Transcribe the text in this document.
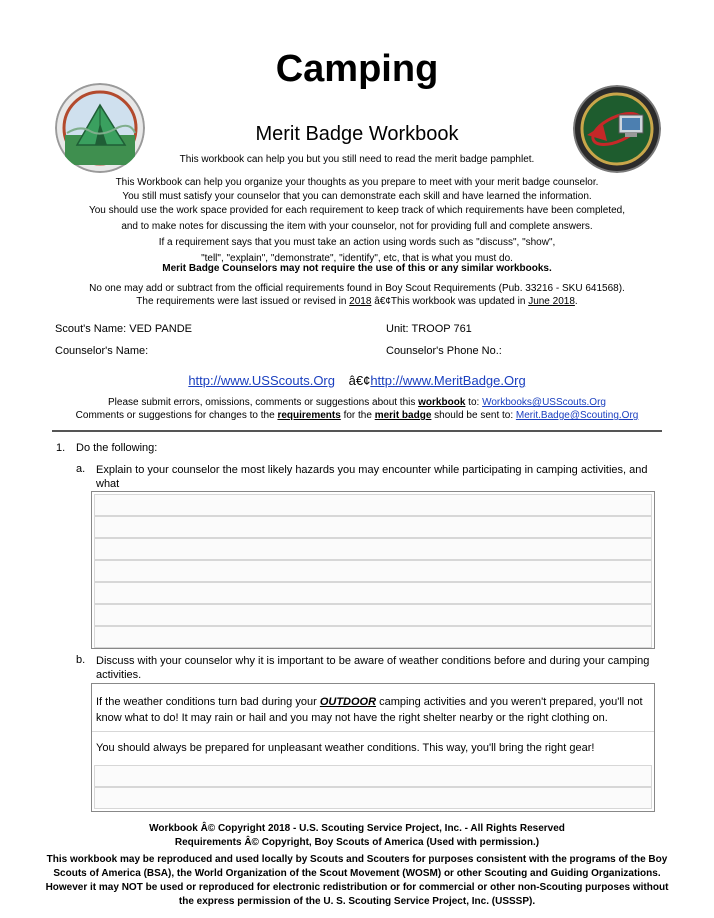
Camping
Merit Badge Workbook
This workbook can help you but you still need to read the merit badge pamphlet.
This Workbook can help you organize your thoughts as you prepare to meet with your merit badge counselor.
You still must satisfy your counselor that you can demonstrate each skill and have learned the information.
You should use the work space provided for each requirement to keep track of which requirements have been completed,
and to make notes for discussing the item with your counselor, not for providing full and complete answers.
If a requirement says that you must take an action using words such as "discuss", "show",
"tell", "explain", "demonstrate", "identify", etc, that is what you must do.
Merit Badge Counselors may not require the use of this or any similar workbooks.
No one may add or subtract from the official requirements found in Boy Scout Requirements (Pub. 33216 - SKU 641568).
The requirements were last issued or revised in 2018 â€¢This workbook was updated in June 2018.
Scout's Name: VED PANDE	Unit: TROOP 761
Counselor's Name:	Counselor's Phone No.:
http://www.USScouts.Org â€¢http://www.MeritBadge.Org
Please submit errors, omissions, comments or suggestions about this workbook to: Workbooks@USScouts.Org
Comments or suggestions for changes to the requirements for the merit badge should be sent to: Merit.Badge@Scouting.Org
1. Do the following:
a. Explain to your counselor the most likely hazards you may encounter while participating in camping activities, and what
b. Discuss with your counselor why it is important to be aware of weather conditions before and during your camping
activities.
If the weather conditions turn bad during your OUTDOOR camping activities and you weren't prepared, you'll not
know what to do! It may rain or hail and you may not have the right shelter nearby or the right clothing on.
You should always be prepared for unpleasant weather conditions. This way, you'll bring the right gear!
Workbook Â© Copyright 2018 - U.S. Scouting Service Project, Inc. - All Rights Reserved
Requirements Â© Copyright, Boy Scouts of America (Used with permission.)
This workbook may be reproduced and used locally by Scouts and Scouters for purposes consistent with the programs of the Boy
Scouts of America (BSA), the World Organization of the Scout Movement (WOSM) or other Scouting and Guiding Organizations.
However it may NOT be used or reproduced for electronic redistribution or for commercial or other non-Scouting purposes without
the express permission of the U. S. Scouting Service Project, Inc. (USSSP).
